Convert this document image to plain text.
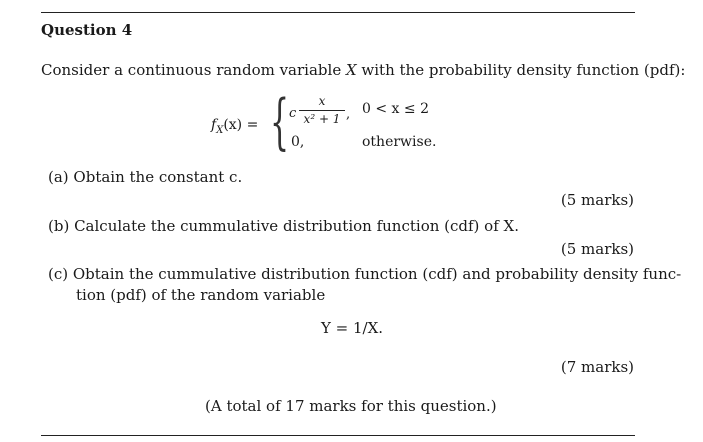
Question 4
Consider a continuous random variable X with the probability density function (pdf):
$f_X(x)$ = { c
x
x² + 1 , 0 < x ≤ 2
0,	otherwise.
(a) Obtain the constant c.
(5 marks)
(b) Calculate the cummulative distribution function (cdf) of X.
(5 marks)
(c) Obtain the cummulative distribution function (cdf) and probability density func-
tion (pdf) of the random variable
Y = 1/X.
(7 marks)
(A total of 17 marks for this question.)
